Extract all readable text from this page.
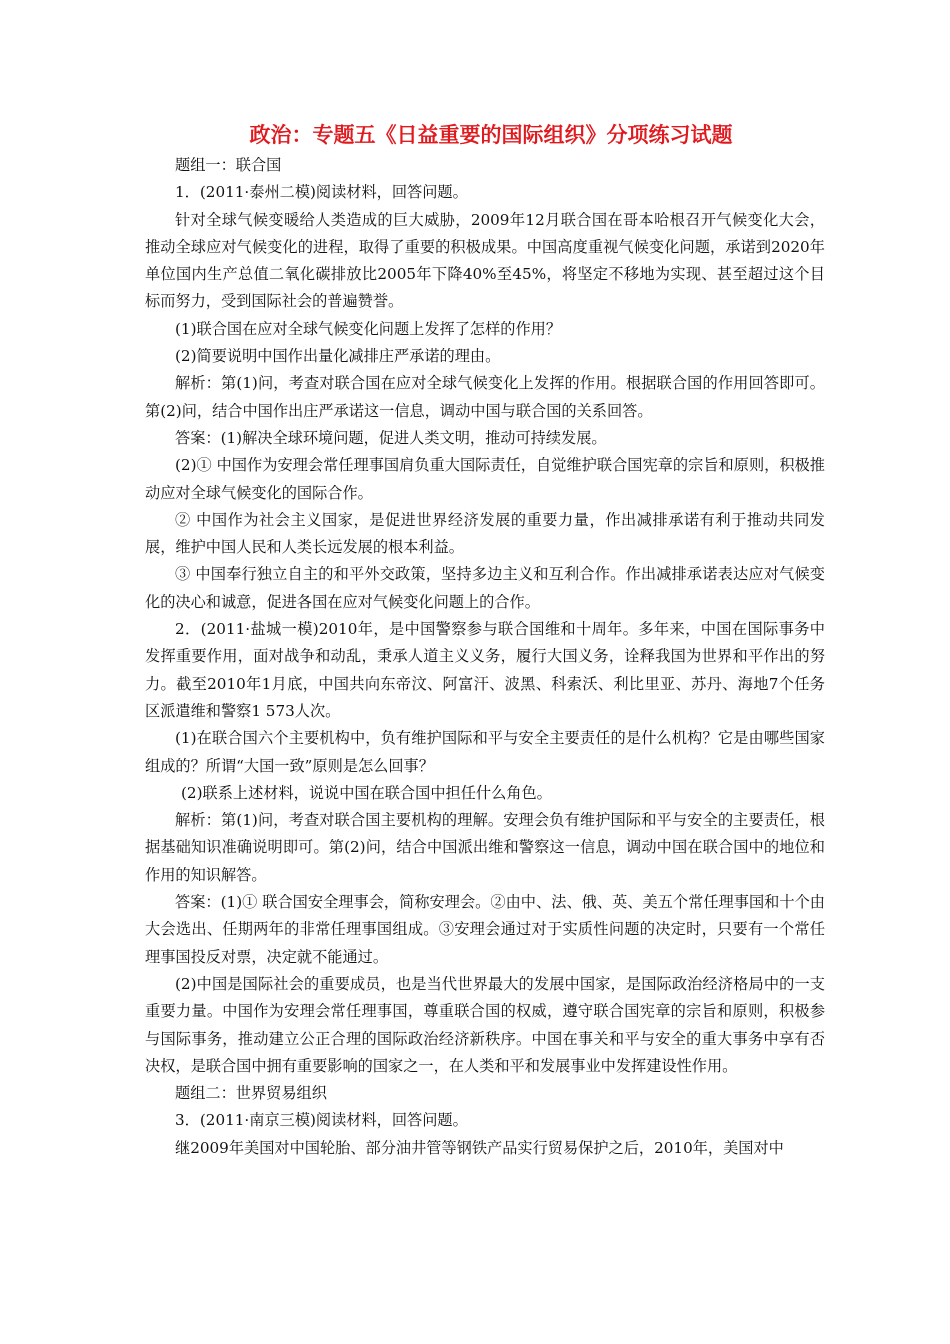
政治：专题五《日益重要的国际组织》分项练习试题

题组一：联合国

1．(2011·泰州二模)阅读材料，回答问题。

针对全球气候变暖给人类造成的巨大威胁，2009年12月联合国在哥本哈根召开气候变化大会，推动全球应对气候变化的进程，取得了重要的积极成果。中国高度重视气候变化问题，承诺到2020年单位国内生产总值二氧化碳排放比2005年下降40%至45%，将坚定不移地为实现、甚至超过这个目标而努力，受到国际社会的普遍赞誉。

(1)联合国在应对全球气候变化问题上发挥了怎样的作用？

(2)简要说明中国作出量化减排庄严承诺的理由。

解析：第(1)问，考查对联合国在应对全球气候变化上发挥的作用。根据联合国的作用回答即可。第(2)问，结合中国作出庄严承诺这一信息，调动中国与联合国的关系回答。

答案：(1)解决全球环境问题，促进人类文明，推动可持续发展。

(2)① 中国作为安理会常任理事国肩负重大国际责任，自觉维护联合国宪章的宗旨和原则，积极推动应对全球气候变化的国际合作。

② 中国作为社会主义国家，是促进世界经济发展的重要力量，作出减排承诺有利于推动共同发展，维护中国人民和人类长远发展的根本利益。

③ 中国奉行独立自主的和平外交政策，坚持多边主义和互利合作。作出减排承诺表达应对气候变化的决心和诚意，促进各国在应对气候变化问题上的合作。

2．(2011·盐城一模)2010年，是中国警察参与联合国维和十周年。多年来，中国在国际事务中发挥重要作用，面对战争和动乱，秉承人道主义义务，履行大国义务，诠释我国为世界和平作出的努力。截至2010年1月底，中国共向东帝汶、阿富汗、波黑、科索沃、利比里亚、苏丹、海地7个任务区派遣维和警察1 573人次。

(1)在联合国六个主要机构中，负有维护国际和平与安全主要责任的是什么机构？它是由哪些国家组成的？所谓“大国一致”原则是怎么回事？

(2)联系上述材料，说说中国在联合国中担任什么角色。

解析：第(1)问，考查对联合国主要机构的理解。安理会负有维护国际和平与安全的主要责任，根据基础知识准确说明即可。第(2)问，结合中国派出维和警察这一信息，调动中国在联合国中的地位和作用的知识解答。

答案：(1)① 联合国安全理事会，简称安理会。②由中、法、俄、英、美五个常任理事国和十个由大会选出、任期两年的非常任理事国组成。③安理会通过对于实质性问题的决定时，只要有一个常任理事国投反对票，决定就不能通过。

(2)中国是国际社会的重要成员，也是当代世界最大的发展中国家，是国际政治经济格局中的一支重要力量。中国作为安理会常任理事国，尊重联合国的权威，遵守联合国宪章的宗旨和原则，积极参与国际事务，推动建立公正合理的国际政治经济新秩序。中国在事关和平与安全的重大事务中享有否决权，是联合国中拥有重要影响的国家之一，在人类和平和发展事业中发挥建设性作用。

题组二：世界贸易组织

3．(2011·南京三模)阅读材料，回答问题。

继2009年美国对中国轮胎、部分油井管等钢铁产品实行贸易保护之后，2010年，美国对中
